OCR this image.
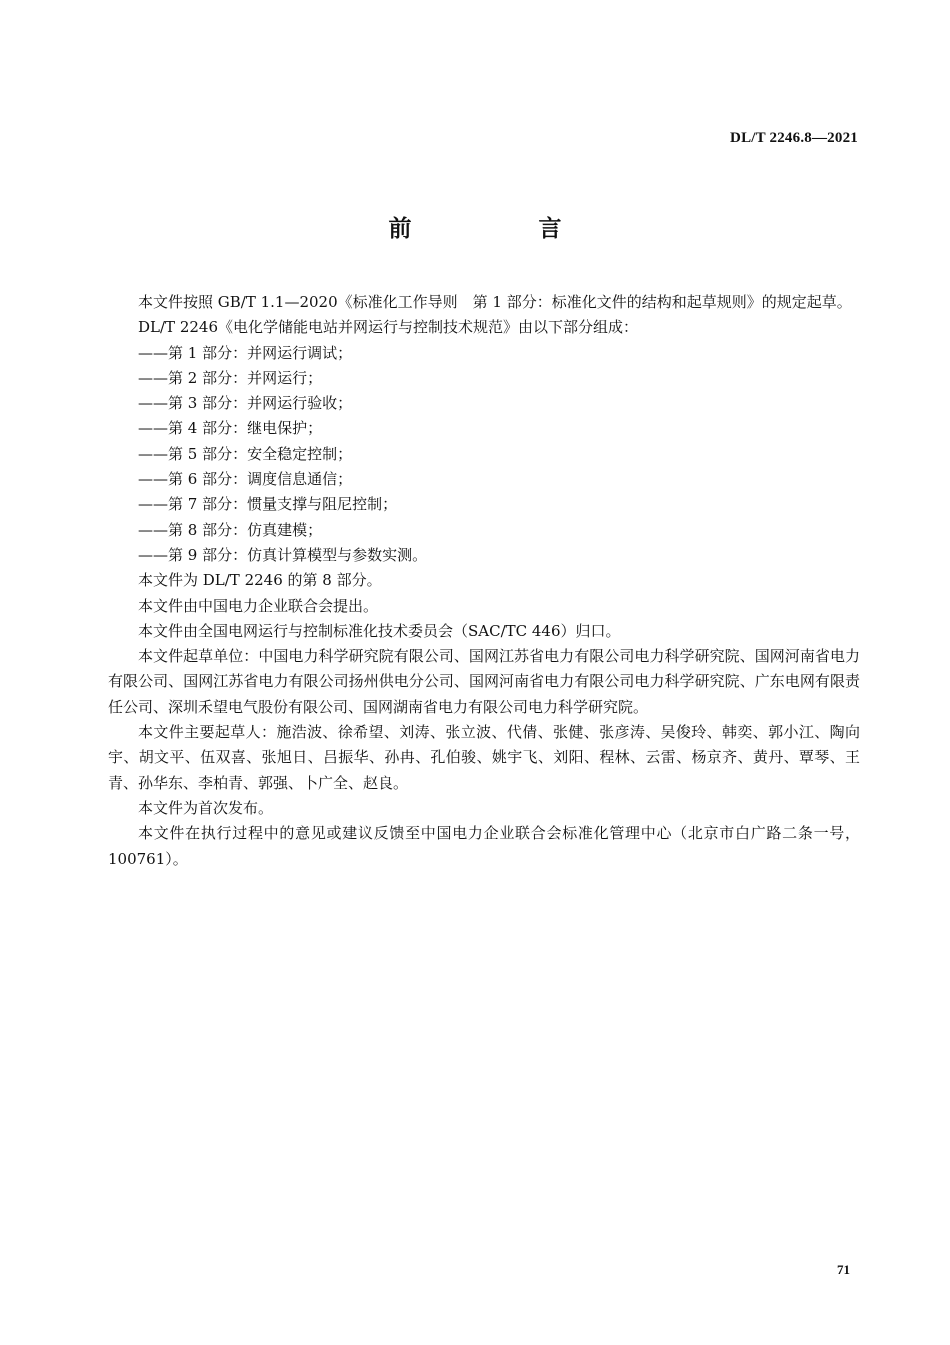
DL/T 2246.8—2021
前　言

本文件按照 GB/T 1.1—2020《标准化工作导则　第 1 部分：标准化文件的结构和起草规则》的规定起草。

DL/T 2246《电化学储能电站并网运行与控制技术规范》由以下部分组成：

——第 1 部分：并网运行调试；

——第 2 部分：并网运行；

——第 3 部分：并网运行验收；

——第 4 部分：继电保护；

——第 5 部分：安全稳定控制；

——第 6 部分：调度信息通信；

——第 7 部分：惯量支撑与阻尼控制；

——第 8 部分：仿真建模；

——第 9 部分：仿真计算模型与参数实测。

本文件为 DL/T 2246 的第 8 部分。

本文件由中国电力企业联合会提出。

本文件由全国电网运行与控制标准化技术委员会（SAC/TC 446）归口。

本文件起草单位：中国电力科学研究院有限公司、国网江苏省电力有限公司电力科学研究院、国网河南省电力有限公司、国网江苏省电力有限公司扬州供电分公司、国网河南省电力有限公司电力科学研究院、广东电网有限责任公司、深圳禾望电气股份有限公司、国网湖南省电力有限公司电力科学研究院。

本文件主要起草人：施浩波、徐希望、刘涛、张立波、代倩、张健、张彦涛、吴俊玲、韩奕、郭小江、陶向宇、胡文平、伍双喜、张旭日、吕振华、孙冉、孔伯骏、姚宇飞、刘阳、程林、云雷、杨京齐、黄丹、覃琴、王青、孙华东、李柏青、郭强、卜广全、赵良。

本文件为首次发布。

本文件在执行过程中的意见或建议反馈至中国电力企业联合会标准化管理中心（北京市白广路二条一号，100761）。

71
